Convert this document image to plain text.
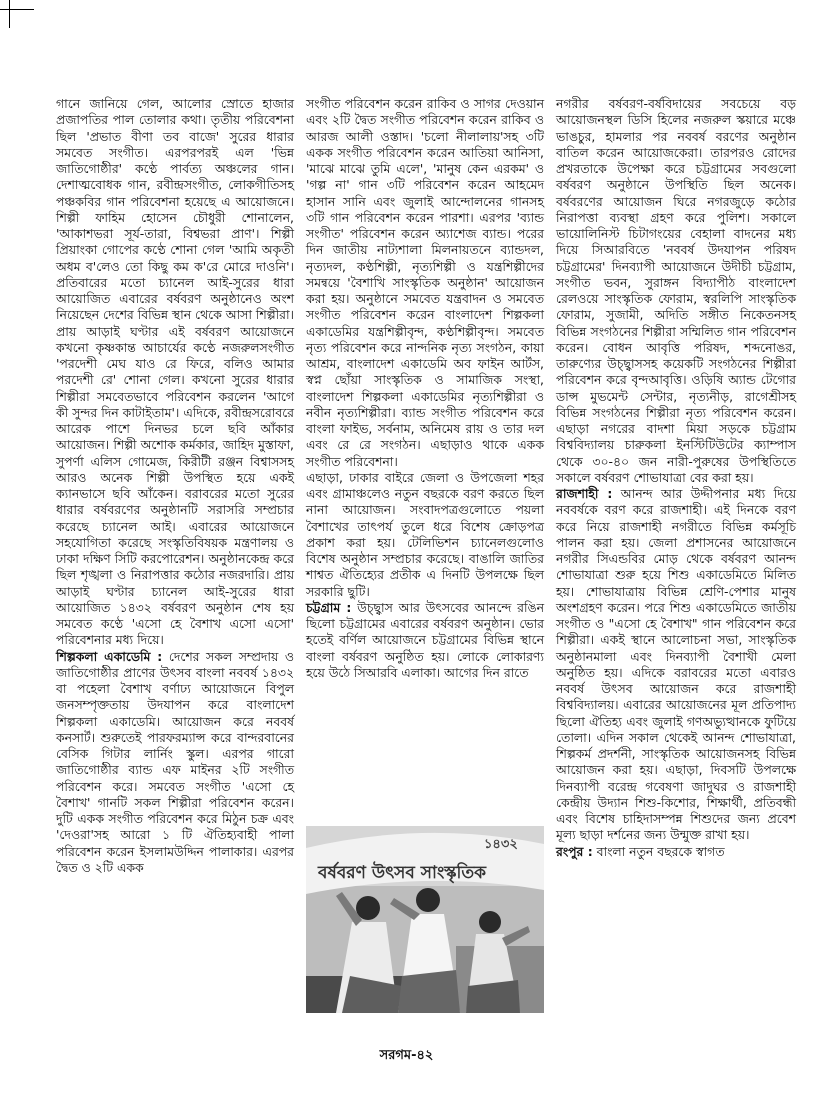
গানে জানিয়ে গেল, আলোর স্রোতে হাজার প্রজাপতির পাল তোলার কথা। তৃতীয় পরিবেশনা ছিল 'প্রভাত বীণা তব বাজে' সুরের ধারার সমবেত সংগীত। এরপরপরই এল 'ভিন্ন জাতিগোষ্ঠীর' কণ্ঠে পার্বত্য অঞ্চলের গান। দেশাত্মবোধক গান, রবীন্দ্রসংগীত, লোকগীতিসহ পঞ্চকবির গান পরিবেশনা হয়েছে এ আয়োজনে। শিল্পী ফাহিম হোসেন চৌধুরী শোনালেন, 'আকাশভরা সূর্য-তারা, বিশ্বভরা প্রাণ'। শিল্পী প্রিয়াংকা গোপের কণ্ঠে শোনা গেল 'আমি অকৃতী অধম ব'লেও তো কিছু কম ক'রে মোরে দাওনি'। প্রতিবারের মতো চ্যানেল আই-সুরের ধারা আয়োজিত এবারের বর্ষবরণ অনুষ্ঠানেও অংশ নিয়েছেন দেশের বিভিন্ন স্থান থেকে আসা শিল্পীরা। প্রায় আড়াই ঘণ্টার এই বর্ষবরণ আয়োজনে কখনো কৃষ্ণকান্ত আচার্যের কণ্ঠে নজরুলসংগীত 'পরদেশী মেঘ যাও রে ফিরে, বলিও আমার পরদেশী রে' শোনা গেল। কখনো সুরের ধারার শিল্পীরা সমবেতভাবে পরিবেশন করলেন 'আগে কী সুন্দর দিন কাটাইতাম'। এদিকে, রবীন্দ্রসরোবরে আরেক পাশে দিনভর চলে ছবি আঁকার আয়োজন। শিল্পী অশোক কর্মকার, জাহিদ মুস্তাফা, সুপর্ণা এলিস গোমেজ, কিরীটী রঞ্জন বিশ্বাসসহ আরও অনেক শিল্পী উপস্থিত হয়ে একই ক্যানভাসে ছবি আঁকেন। বরাবরের মতো সুরের ধারার বর্ষবরণের অনুষ্ঠানটি সরাসরি সম্প্রচার করেছে চ্যানেল আই। এবারের আয়োজনে সহযোগিতা করেছে সংস্কৃতিবিষয়ক মন্ত্রণালয় ও ঢাকা দক্ষিণ সিটি করপোরেশন। অনুষ্ঠানকেন্দ্র করে ছিল শৃঙ্খলা ও নিরাপত্তার কঠোর নজরদারি। প্রায় আড়াই ঘণ্টার চ্যানেল আই-সুরের ধারা আয়োজিত ১৪৩২ বর্ষবরণ অনুষ্ঠান শেষ হয় সমবেত কণ্ঠে 'এসো হে বৈশাখ এসো এসো' পরিবেশনার মধ্য দিয়ে।

শিল্পকলা একাডেমি : দেশের সকল সম্প্রদায় ও জাতিগোষ্ঠীর প্রাণের উৎসব বাংলা নববর্ষ ১৪৩২ বা পহেলা বৈশাখ বর্ণাঢ্য আয়োজনে বিপুল জনসম্পৃক্ততায় উদযাপন করে বাংলাদেশ শিল্পকলা একাডেমি। আয়োজন করে নববর্ষ কনসার্ট। শুরুতেই পারফরম্যান্স করে বান্দরবানের বেসিক গিটার লার্নিং স্কুল। এরপর গারো জাতিগোষ্ঠীর ব্যান্ড এফ মাইনর ২টি সংগীত পরিবেশন করে। সমবেত সংগীত 'এসো হে বৈশাখ' গানটি সকল শিল্পীরা পরিবেশন করেন। দুটি একক সংগীত পরিবেশন করে মিঠুন চক্র এবং 'দেওরা'সহ আরো ১ টি ঐতিহ্যবাহী পালা পরিবেশন করেন ইসলামউদ্দিন পালাকার। এরপর দ্বৈত ও ২টি একক

সংগীত পরিবেশন করেন রাকিব ও সাগর দেওয়ান এবং ২টি দ্বৈত সংগীত পরিবেশন করেন রাকিব ও আরজ আলী ওস্তাদ। 'চলো নীলালায়'সহ ৩টি একক সংগীত পরিবেশন করেন আতিয়া আনিসা, 'মাঝে মাঝে তুমি এলে', 'মানুষ কেন এরকম' ও 'গল্প না' গান ৩টি পরিবেশন করেন আহমেদ হাসান সানি এবং জুলাই আন্দোলনের গানসহ ৩টি গান পরিবেশন করেন পারশা। এরপর 'ব্যান্ড সংগীত' পরিবেশন করেন অ্যাশেজ ব্যান্ড। পরের দিন জাতীয় নাট্যশালা মিলনায়তনে ব্যান্ডদল, নৃত্যদল, কণ্ঠশিল্পী, নৃত্যশিল্পী ও যন্ত্রশিল্পীদের সমন্বয়ে 'বৈশাখি সাংস্কৃতিক অনুষ্ঠান' আয়োজন করা হয়। অনুষ্ঠানে সমবেত যন্ত্রবাদন ও সমবেত সংগীত পরিবেশন করেন বাংলাদেশ শিল্পকলা একাডেমির যন্ত্রশিল্পীবৃন্দ, কণ্ঠশিল্পীবৃন্দ। সমবেত নৃত্য পরিবেশন করে নান্দনিক নৃত্য সংগঠন, কায়া আশ্রম, বাংলাদেশ একাডেমি অব ফাইন আর্টস, স্বপ্ন ছোঁয়া সাংস্কৃতিক ও সামাজিক সংস্থা, বাংলাদেশ শিল্পকলা একাডেমির নৃত্যশিল্পীরা ও নবীন নৃত্যশিল্পীরা। ব্যান্ড সংগীত পরিবেশন করে বাংলা ফাইভ, সর্বনাম, অনিমেষ রায় ও তার দল এবং রে রে সংগঠন। এছাড়াও থাকে একক সংগীত পরিবেশনা।

এছাড়া, ঢাকার বাইরে জেলা ও উপজেলা শহর এবং গ্রামাঞ্চলেও নতুন বছরকে বরণ করতে ছিল নানা আয়োজন। সংবাদপত্রগুলোতে পয়লা বৈশাখের তাৎপর্য তুলে ধরে বিশেষ ক্রোড়পত্র প্রকাশ করা হয়। টেলিভিশন চ্যানেলগুলোও বিশেষ অনুষ্ঠান সম্প্রচার করেছে। বাঙালি জাতির শাশ্বত ঐতিহ্যের প্রতীক এ দিনটি উপলক্ষে ছিল সরকারি ছুটি।

চট্টগ্রাম : উচ্ছ্বাস আর উৎসবের আনন্দে রঙিন ছিলো চট্টগ্রামের এবারের বর্ষবরণ অনুষ্ঠান। ভোর হতেই বর্ণিল আয়োজনে চট্টগ্রামের বিভিন্ন স্থানে বাংলা বর্ষবরণ অনুষ্ঠিত হয়। লোকে লোকারণ্য হয়ে উঠে সিআরবি এলাকা। আগের দিন রাতে

বর্ষবরণ উৎসব সাংস্কৃতিক
১৪৩২

নগরীর বর্ষবরণ-বর্ষবিদায়ের সবচেয়ে বড় আয়োজনস্থল ডিসি হিলের নজরুল স্কয়ারে মঞ্চে ভাঙচুর, হামলার পর নববর্ষ বরণের অনুষ্ঠান বাতিল করেন আয়োজকেরা। তারপরও রোদের প্রখরতাকে উপেক্ষা করে চট্টগ্রামের সবগুলো বর্ষবরণ অনুষ্ঠানে উপস্থিতি ছিল অনেক। বর্ষবরণের আয়োজন ঘিরে নগরজুড়ে কঠোর নিরাপত্তা ব্যবস্থা গ্রহণ করে পুলিশ। সকালে ভায়োলিনিস্ট চিটাগংয়ের বেহালা বাদনের মধ্য দিয়ে সিআরবিতে 'নববর্ষ উদযাপন পরিষদ চট্টগ্রামের' দিনব্যাপী আয়োজনে উদীচী চট্টগ্রাম, সংগীত ভবন, সুরাঙ্গন বিদ্যাপীঠ বাংলাদেশ রেলওয়ে সাংস্কৃতিক ফোরাম, স্বরলিপি সাংস্কৃতিক ফোরাম, সুজামী, অদিতি সঙ্গীত নিকেতনসহ বিভিন্ন সংগঠনের শিল্পীরা সম্মিলিত গান পরিবেশন করেন। বোধন আবৃত্তি পরিষদ, শব্দনোঙর, তারুণ্যের উচ্ছ্বাসসহ কয়েকটি সংগঠনের শিল্পীরা পরিবেশন করে বৃন্দআবৃত্তি। ওড়িষি অ্যান্ড টেগোর ডান্স মুভমেন্ট সেন্টার, নৃত্যনীড়, রাগেশ্রীসহ বিভিন্ন সংগঠনের শিল্পীরা নৃত্য পরিবেশন করেন। এছাড়া নগরের বাদশা মিয়া সড়কে চট্টগ্রাম বিশ্ববিদ্যালয় চারুকলা ইনস্টিটিউটের ক্যাম্পাস থেকে ৩০-৪০ জন নারী-পুরুষের উপস্থিতিতে সকালে বর্ষবরণ শোভাযাত্রা বের করা হয়।

রাজশাহী : আনন্দ আর উদ্দীপনার মধ্য দিয়ে নববর্ষকে বরণ করে রাজশাহী। এই দিনকে বরণ করে নিয়ে রাজশাহী নগরীতে বিভিন্ন কর্মসূচি পালন করা হয়। জেলা প্রশাসনের আয়োজনে নগরীর সিএন্ডবির মোড় থেকে বর্ষবরণ আনন্দ শোভাযাত্রা শুরু হয়ে শিশু একাডেমিতে মিলিত হয়। শোভাযাত্রায় বিভিন্ন শ্রেণি-পেশার মানুষ অংশগ্রহণ করেন। পরে শিশু একাডেমিতে জাতীয় সংগীত ও "এসো হে বৈশাখ" গান পরিবেশন করে শিল্পীরা। একই স্থানে আলোচনা সভা, সাংস্কৃতিক অনুষ্ঠানমালা এবং দিনব্যাপী বৈশাখী মেলা অনুষ্ঠিত হয়। এদিকে বরাবরের মতো এবারও নববর্ষ উৎসব আয়োজন করে রাজশাহী বিশ্ববিদ্যালয়। এবারের আয়োজনের মূল প্রতিপাদ্য ছিলো ঐতিহ্য এবং জুলাই গণঅভ্যুত্থানকে ফুটিয়ে তোলা। এদিন সকাল থেকেই আনন্দ শোভাযাত্রা, শিল্পকর্ম প্রদর্শনী, সাংস্কৃতিক আয়োজনসহ বিভিন্ন আয়োজন করা হয়। এছাড়া, দিবসটি উপলক্ষে দিনব্যাপী বরেন্দ্র গবেষণা জাদুঘর ও রাজশাহী কেন্দ্রীয় উদ্যান শিশু-কিশোর, শিক্ষার্থী, প্রতিবন্ধী এবং বিশেষ চাহিদাসম্পন্ন শিশুদের জন্য প্রবেশ মূল্য ছাড়া দর্শনের জন্য উন্মুক্ত রাখা হয়।

রংপুর : বাংলা নতুন বছরকে স্বাগত

সরগম-৪২
